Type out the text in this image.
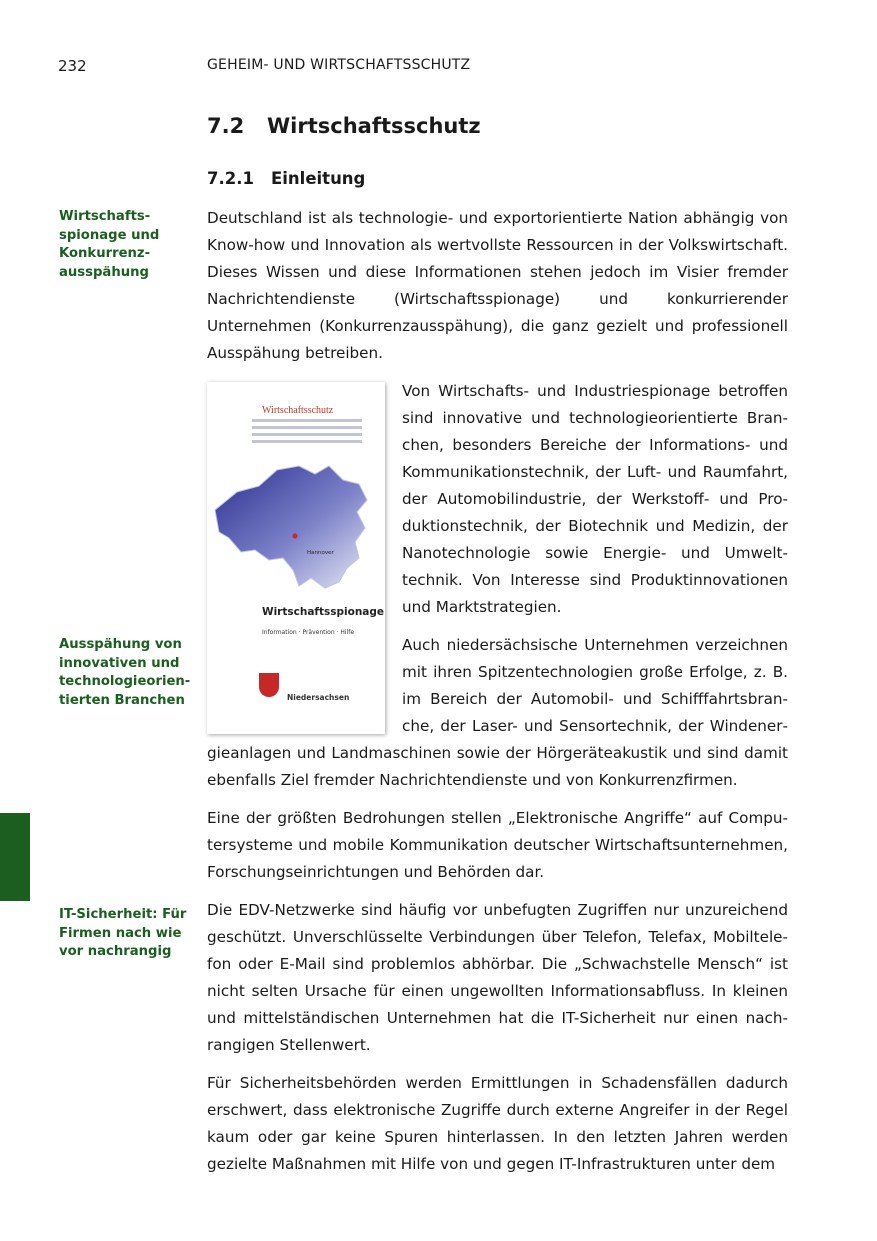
232	GEHEIM- UND WIRTSCHAFTSSCHUTZ
7.2 Wirtschaftsschutz
7.2.1 Einleitung
Wirtschafts-
spionage und
Konkurrenz-
ausspähung
Ausspähung von
innovativen und
technologieorien-
tierten Branchen
IT-Sicherheit: Für
Firmen nach wie
vor nachrangig

Deutschland ist als technologie- und exportorientierte Nation abhängig von Know-how und Innovation als wertvollste Ressourcen in der Volkswirtschaft. Dieses Wissen und diese Informationen stehen jedoch im Visier fremder Nachrichtendienste (Wirtschaftsspionage) und konkurrierender Unternehmen (Konkurrenzausspähung), die ganz gezielt und professionell Ausspähung betreiben.

Wirtschaftsschutz
Hannover
Wirtschaftsspionage
Information · Prävention · Hilfe
Niedersachsen

Von Wirtschafts- und Industriespionage betroffen sind innovative und technologieorientierte Branchen, besonders Bereiche der Informations- und Kommunikationstechnik, der Luft- und Raumfahrt, der Automobilindustrie, der Werkstoff- und Produktionstechnik, der Biotechnik und Medizin, der Nanotechnologie sowie Energie- und Umwelttechnik. Von Interesse sind Produktinnovationen und Marktstrategien.

Auch niedersächsische Unternehmen verzeichnen mit ihren Spitzentechnologien große Erfolge, z. B. im Bereich der Automobil- und Schifffahrtsbranche, der Laser- und Sensortechnik, der Windenergieanlagen und Landmaschinen sowie der Hörgeräteakustik und sind damit ebenfalls Ziel fremder Nachrichtendienste und von Konkurrenzfirmen.

Eine der größten Bedrohungen stellen „Elektronische Angriffe“ auf Computersysteme und mobile Kommunikation deutscher Wirtschaftsunternehmen, Forschungseinrichtungen und Behörden dar.

Die EDV-Netzwerke sind häufig vor unbefugten Zugriffen nur unzureichend geschützt. Unverschlüsselte Verbindungen über Telefon, Telefax, Mobiltelefon oder E-Mail sind problemlos abhörbar. Die „Schwachstelle Mensch“ ist nicht selten Ursache für einen ungewollten Informationsabfluss. In kleinen und mittelständischen Unternehmen hat die IT-Sicherheit nur einen nachrangigen Stellenwert.

Für Sicherheitsbehörden werden Ermittlungen in Schadensfällen dadurch erschwert, dass elektronische Zugriffe durch externe Angreifer in der Regel kaum oder gar keine Spuren hinterlassen. In den letzten Jahren werden gezielte Maßnahmen mit Hilfe von und gegen IT-Infrastrukturen unter dem
